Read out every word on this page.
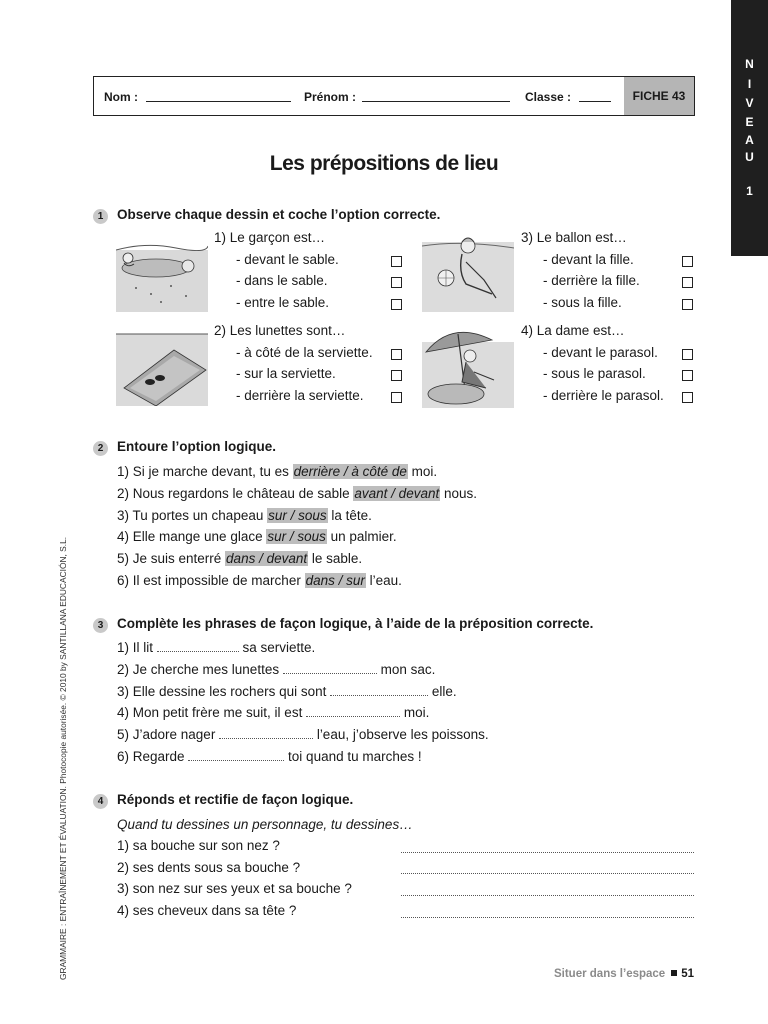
N
I
V
E
A
U
1
Nom :	Prénom :	Classe :	FICHE 43
Les prépositions de lieu
1	Observe chaque dessin et coche l’option correcte.
1) Le garçon est…
- devant le sable.
- dans le sable.
- entre le sable.
3) Le ballon est…
- devant la fille.
- derrière la fille.
- sous la fille.
2) Les lunettes sont…
- à côté de la serviette.
- sur la serviette.
- derrière la serviette.
4) La dame est…
- devant le parasol.
- sous le parasol.
- derrière le parasol.
2	Entoure l’option logique.
1) Si je marche devant, tu es derrière / à côté de moi.
2) Nous regardons le château de sable avant / devant nous.
3) Tu portes un chapeau sur / sous la tête.
4) Elle mange une glace sur / sous un palmier.
5) Je suis enterré dans / devant le sable.
6) Il est impossible de marcher dans / sur l’eau.
3	Complète les phrases de façon logique, à l’aide de la préposition correcte.
1) Il lit	sa serviette.
2) Je cherche mes lunettes	mon sac.
3) Elle dessine les rochers qui sont	elle.
4) Mon petit frère me suit, il est	moi.
5) J’adore nager	l’eau, j’observe les poissons.
6) Regarde	toi quand tu marches !
4	Réponds et rectifie de façon logique.
Quand tu dessines un personnage, tu dessines…
1) sa bouche sur son nez ?
2) ses dents sous sa bouche ?
3) son nez sur ses yeux et sa bouche ?
4) ses cheveux dans sa tête ?
GRAMMAIRE : ENTRAÎNEMENT ET ÉVALUATION. Photocopie autorisée. © 2010 by SANTILLANA EDUCACIÓN, S.L.	Situer dans l’espace 51
